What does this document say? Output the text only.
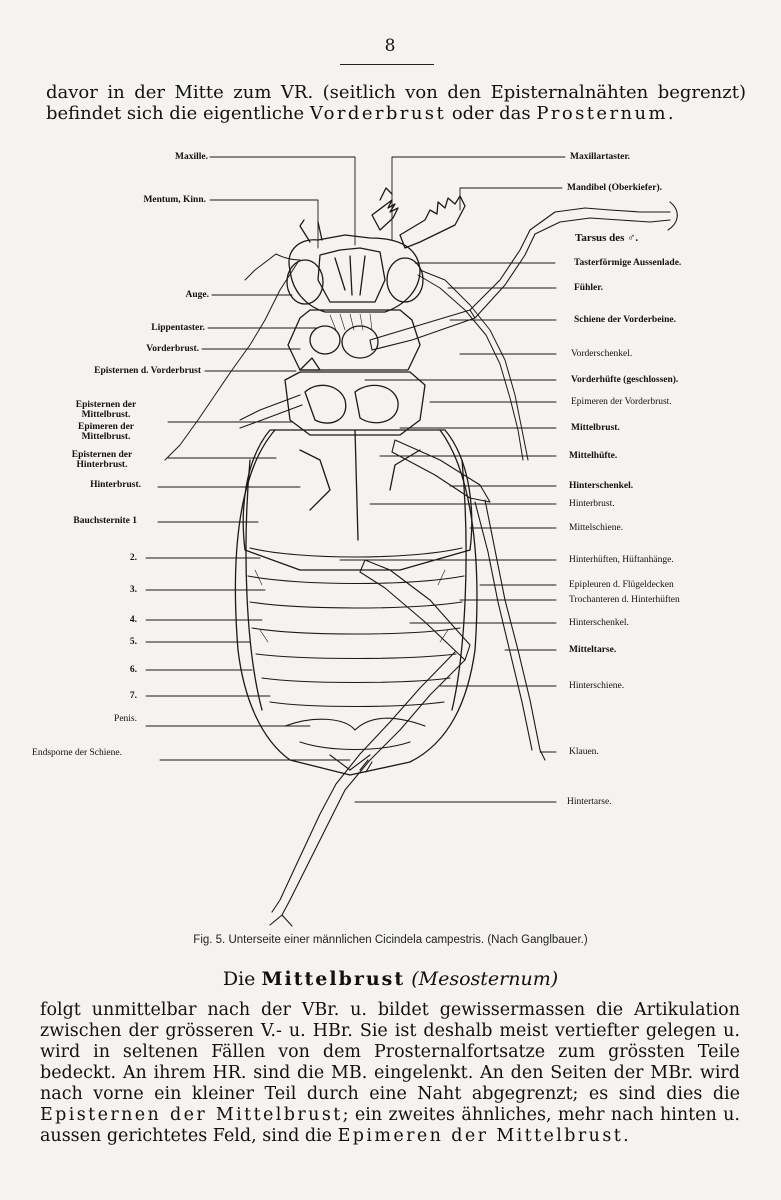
8

davor in der Mitte zum VR. (seitlich von den Episternalnähten begrenzt) befindet sich die eigentliche Vorderbrust oder das Prosternum.

Maxille.
Mentum, Kinn.
Auge.
Lippentaster.
Vorderbrust.
Episternen d. Vorderbrust
Episternen der Mittelbrust.
Epimeren der Mittelbrust.
Episternen der Hinterbrust.
Hinterbrust.
Bauchsternite 1
2.
3.
4.
5.
6.
7.
Penis.
Endsporne der Schiene.
Maxillartaster.
Mandibel (Oberkiefer).
Tarsus des ♂.
Tasterförmige Aussenlade.
Fühler.
Schiene der Vorderbeine.
Vorderschenkel.
Vorderhüfte (geschlossen).
Epimeren der Vorderbrust.
Mittelbrust.
Mittelhüfte.
Hinterschenkel.
Hinterbrust.
Mittelschiene.
Hinterhüften, Hüftanhänge.
Epipleuren d. Flügeldecken
Trochanteren d. Hinterhüften
Hinterschenkel.
Mitteltarse.
Hinterschiene.
Klauen.
Hintertarse.
Fig. 5. Unterseite einer männlichen Cicindela campestris. (Nach Ganglbauer.)
Die Mittelbrust (Mesosternum)

folgt unmittelbar nach der VBr. u. bildet gewissermassen die Artikulation zwischen der grösseren V.- u. HBr. Sie ist deshalb meist vertiefter gelegen u. wird in seltenen Fällen von dem Prosternalfortsatze zum grössten Teile bedeckt. An ihrem HR. sind die MB. eingelenkt. An den Seiten der MBr. wird nach vorne ein kleiner Teil durch eine Naht abgegrenzt; es sind dies die Episternen der Mittelbrust; ein zweites ähnliches, mehr nach hinten u. aussen gerichtetes Feld, sind die Epimeren der Mittelbrust.
